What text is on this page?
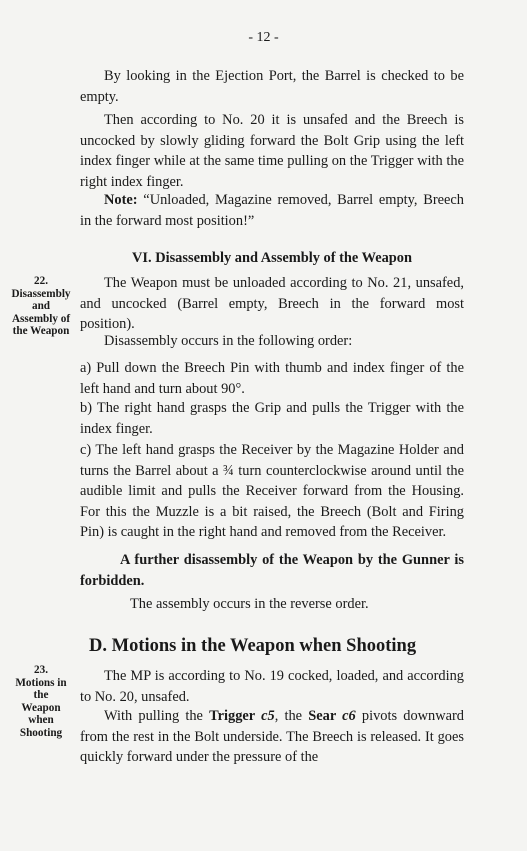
- 12 -

By looking in the Ejection Port, the Barrel is checked to be empty.

Then according to No. 20 it is unsafed and the Breech is uncocked by slowly gliding forward the Bolt Grip using the left index finger while at the same time pulling on the Trigger with the right index finger.

Note: “Unloaded, Magazine removed, Barrel empty, Breech in the forward most position!”

VI. Disassembly and Assembly of the Weapon
22.
Disassembly
and
Assembly of
the Weapon

The Weapon must be unloaded according to No. 21, unsafed, and uncocked (Barrel empty, Breech in the forward most position).

Disassembly occurs in the following order:

a) Pull down the Breech Pin with thumb and index finger of the left hand and turn about 90°.

b) The right hand grasps the Grip and pulls the Trigger with the index finger.

c) The left hand grasps the Receiver by the Magazine Holder and turns the Barrel about a ¾ turn counterclockwise around until the audible limit and pulls the Receiver forward from the Housing. For this the Muzzle is a bit raised, the Breech (Bolt and Firing Pin) is caught in the right hand and removed from the Receiver.

A further disassembly of the Weapon by the Gunner is forbidden.

The assembly occurs in the reverse order.

D. Motions in the Weapon when Shooting
23.
Motions in
the
Weapon
when
Shooting

The MP is according to No. 19 cocked, loaded, and according to No. 20, unsafed.

With pulling the Trigger c5, the Sear c6 pivots downward from the rest in the Bolt underside. The Breech is released. It goes quickly forward under the pressure of the
